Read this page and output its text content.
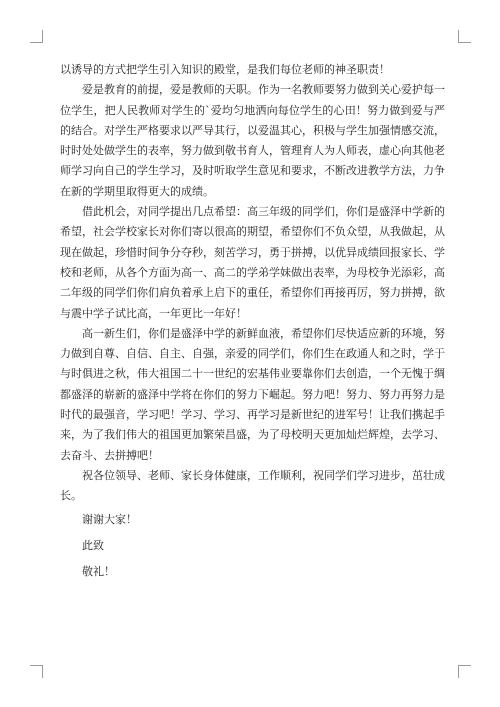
以诱导的方式把学生引入知识的殿堂，是我们每位老师的神圣职责！

爱是教育的前提，爱是教师的天职。作为一名教师要努力做到关心爱护每一位学生，把人民教师对学生的`爱均匀地洒向每位学生的心田！努力做到爱与严的结合。对学生严格要求以严导其行，以爱温其心，积极与学生加强情感交流，时时处处做学生的表率，努力做到敬书育人，管理育人为人师表，虚心向其他老师学习向自己的学生学习，及时听取学生意见和要求，不断改进教学方法，力争在新的学期里取得更大的成绩。

借此机会，对同学提出几点希望：高三年级的同学们，你们是盛泽中学新的希望，社会学校家长对你们寄以很高的期望，希望你们不负众望，从我做起，从现在做起，珍惜时间争分夺秒，刻苦学习，勇于拼搏，以优异成绩回报家长、学校和老师，从各个方面为高一、高二的学弟学妹做出表率，为母校争光添彩，高二年级的同学们你们肩负着承上启下的重任，希望你们再接再厉，努力拼搏，欲与震中学子试比高，一年更比一年好！

高一新生们，你们是盛泽中学的新鲜血液，希望你们尽快适应新的环境，努力做到自尊、自信、自主、自强，亲爱的同学们，你们生在政通人和之时，学于与时俱进之秋，伟大祖国二十一世纪的宏基伟业要靠你们去创造，一个无愧于绸都盛泽的崭新的盛泽中学将在你们的努力下崛起。努力吧！努力、努力再努力是时代的最强音，学习吧！学习、学习、再学习是新世纪的进军号！让我们携起手来，为了我们伟大的祖国更加繁荣昌盛，为了母校明天更加灿烂辉煌，去学习、去奋斗、去拼搏吧！

祝各位领导、老师、家长身体健康，工作顺利，祝同学们学习进步，茁壮成长。

谢谢大家！

此致

敬礼！
